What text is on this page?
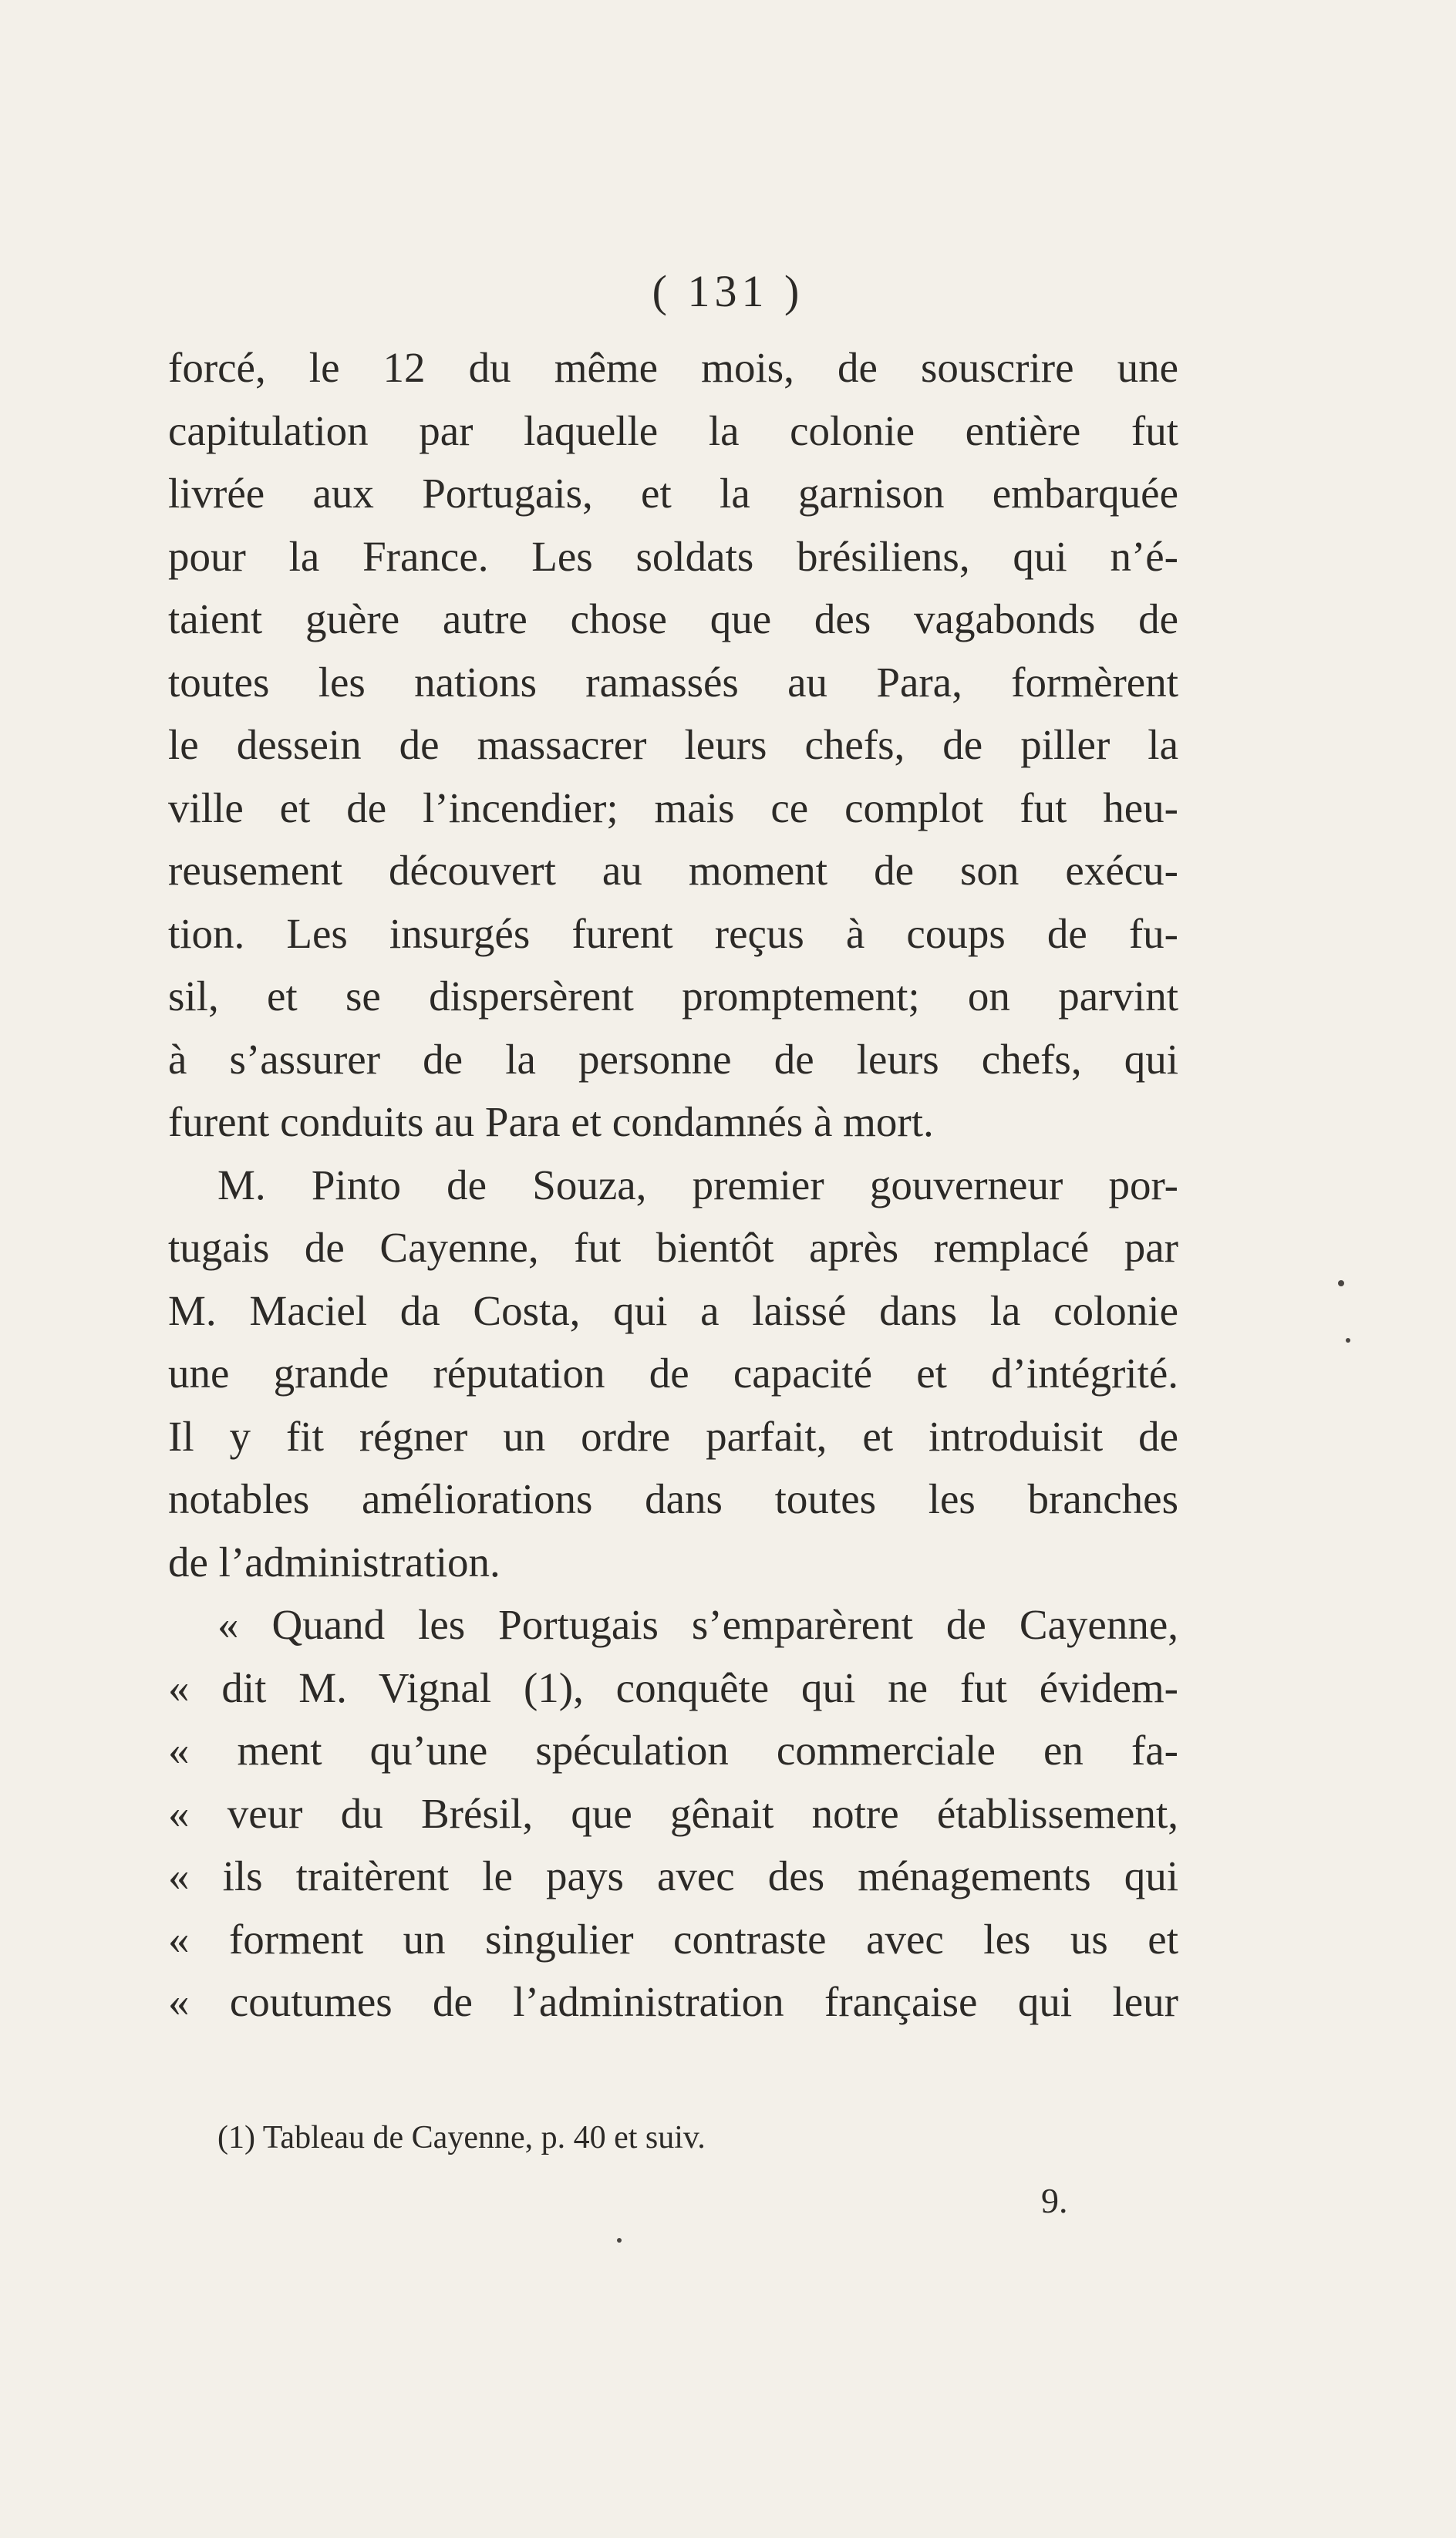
( 131 )
forcé, le 12 du même mois, de souscrire une
capitulation par laquelle la colonie entière fut
livrée aux Portugais, et la garnison embarquée
pour la France. Les soldats brésiliens, qui n’é-
taient guère autre chose que des vagabonds de
toutes les nations ramassés au Para, formèrent
le dessein de massacrer leurs chefs, de piller la
ville et de l’incendier; mais ce complot fut heu-
reusement découvert au moment de son exécu-
tion. Les insurgés furent reçus à coups de fu-
sil, et se dispersèrent promptement; on parvint
à s’assurer de la personne de leurs chefs, qui
furent conduits au Para et condamnés à mort.
M. Pinto de Souza, premier gouverneur por-
tugais de Cayenne, fut bientôt après remplacé par
M. Maciel da Costa, qui a laissé dans la colonie
une grande réputation de capacité et d’intégrité.
Il y fit régner un ordre parfait, et introduisit de
notables améliorations dans toutes les branches
de l’administration.
« Quand les Portugais s’emparèrent de Cayenne,
« dit M. Vignal (1), conquête qui ne fut évidem-
« ment qu’une spéculation commerciale en fa-
« veur du Brésil, que gênait notre établissement,
« ils traitèrent le pays avec des ménagements qui
« forment un singulier contraste avec les us et
« coutumes de l’administration française qui leur
(1) Tableau de Cayenne, p. 40 et suiv.
9.
